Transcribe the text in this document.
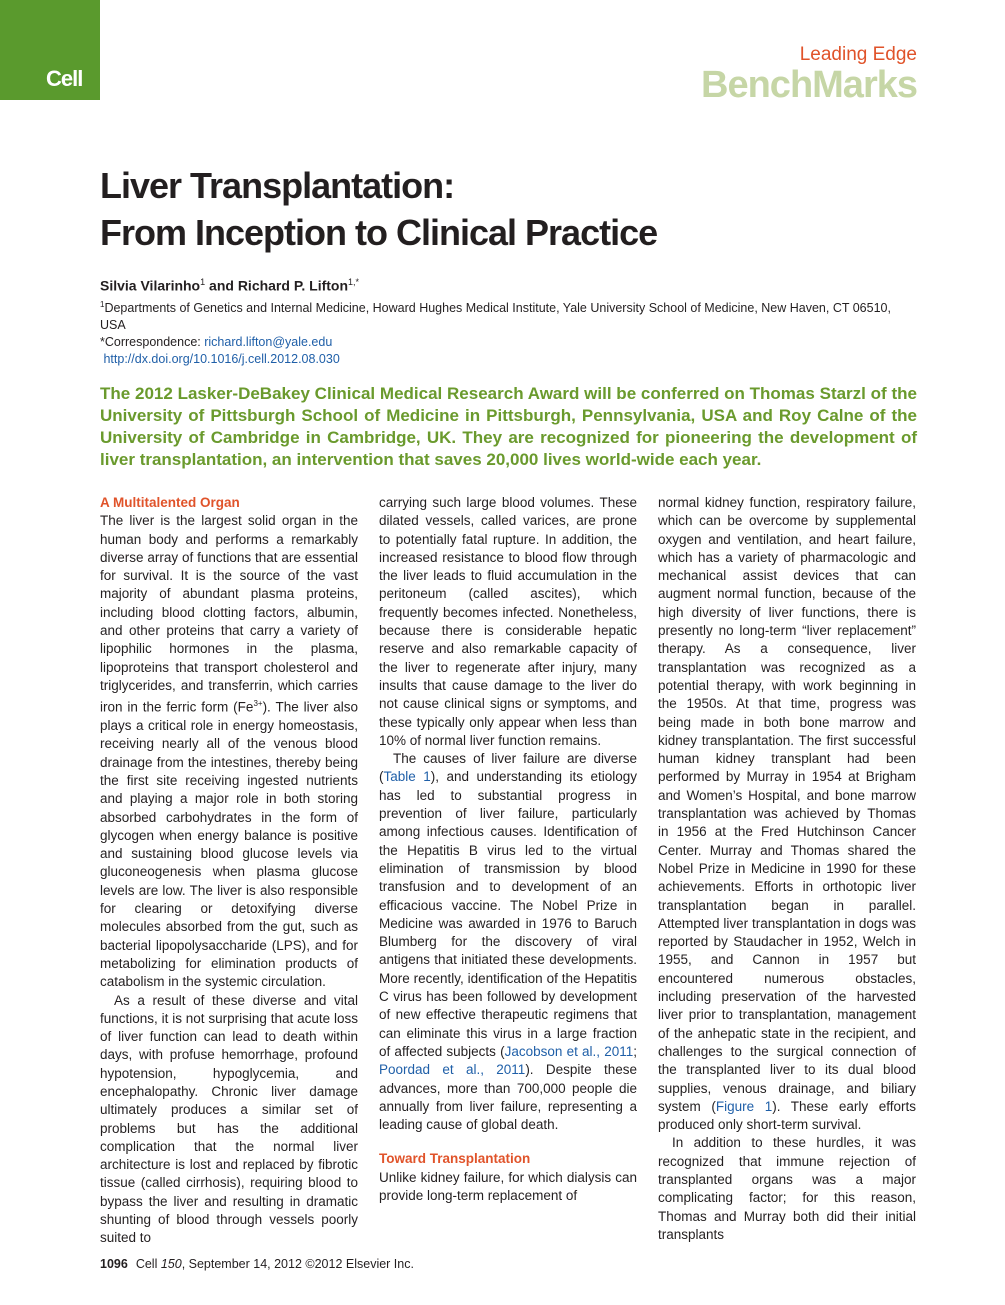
Cell
Leading Edge
BenchMarks
Liver Transplantation:
From Inception to Clinical Practice
Silvia Vilarinho$^1$ and Richard P. Lifton$^{1,*}$
$^1$Departments of Genetics and Internal Medicine, Howard Hughes Medical Institute, Yale University School of Medicine, New Haven, CT 06510, USA
*Correspondence: richard.lifton@yale.edu
http://dx.doi.org/10.1016/j.cell.2012.08.030
The 2012 Lasker-DeBakey Clinical Medical Research Award will be conferred on Thomas Starzl of the University of Pittsburgh School of Medicine in Pittsburgh, Pennsylvania, USA and Roy Calne of the University of Cambridge in Cambridge, UK. They are recognized for pioneering the development of liver transplantation, an intervention that saves 20,000 lives world-wide each year.
A Multitalented Organ

The liver is the largest solid organ in the human body and performs a remarkably diverse array of functions that are essential for survival. It is the source of the vast majority of abundant plasma proteins, including blood clotting factors, albumin, and other proteins that carry a variety of lipophilic hormones in the plasma, lipoproteins that transport cholesterol and triglycerides, and transferrin, which carries iron in the ferric form $(Fe^{3+})$. The liver also plays a critical role in energy homeostasis, receiving nearly all of the venous blood drainage from the intestines, thereby being the first site receiving ingested nutrients and playing a major role in both storing absorbed carbohydrates in the form of glycogen when energy balance is positive and sustaining blood glucose levels via gluconeogenesis when plasma glucose levels are low. The liver is also responsible for clearing or detoxifying diverse molecules absorbed from the gut, such as bacterial lipopolysaccharide (LPS), and for metabolizing for elimination products of catabolism in the systemic circulation.

As a result of these diverse and vital functions, it is not surprising that acute loss of liver function can lead to death within days, with profuse hemorrhage, profound hypotension, hypoglycemia, and encephalopathy. Chronic liver damage ultimately produces a similar set of problems but has the additional complication that the normal liver architecture is lost and replaced by fibrotic tissue (called cirrhosis), requiring blood to bypass the liver and resulting in dramatic shunting of blood through vessels poorly suited to

carrying such large blood volumes. These dilated vessels, called varices, are prone to potentially fatal rupture. In addition, the increased resistance to blood flow through the liver leads to fluid accumulation in the peritoneum (called ascites), which frequently becomes infected. Nonetheless, because there is considerable hepatic reserve and also remarkable capacity of the liver to regenerate after injury, many insults that cause damage to the liver do not cause clinical signs or symptoms, and these typically only appear when less than 10% of normal liver function remains.

The causes of liver failure are diverse (Table 1), and understanding its etiology has led to substantial progress in prevention of liver failure, particularly among infectious causes. Identification of the Hepatitis B virus led to the virtual elimination of transmission by blood transfusion and to development of an efficacious vaccine. The Nobel Prize in Medicine was awarded in 1976 to Baruch Blumberg for the discovery of viral antigens that initiated these developments. More recently, identification of the Hepatitis C virus has been followed by development of new effective therapeutic regimens that can eliminate this virus in a large fraction of affected subjects (Jacobson et al., 2011; Poordad et al., 2011). Despite these advances, more than 700,000 people die annually from liver failure, representing a leading cause of global death.

Toward Transplantation

Unlike kidney failure, for which dialysis can provide long-term replacement of

normal kidney function, respiratory failure, which can be overcome by supplemental oxygen and ventilation, and heart failure, which has a variety of pharmacologic and mechanical assist devices that can augment normal function, because of the high diversity of liver functions, there is presently no long-term “liver replacement” therapy. As a consequence, liver transplantation was recognized as a potential therapy, with work beginning in the 1950s. At that time, progress was being made in both bone marrow and kidney transplantation. The first successful human kidney transplant had been performed by Murray in 1954 at Brigham and Women’s Hospital, and bone marrow transplantation was achieved by Thomas in 1956 at the Fred Hutchinson Cancer Center. Murray and Thomas shared the Nobel Prize in Medicine in 1990 for these achievements. Efforts in orthotopic liver transplantation began in parallel. Attempted liver transplantation in dogs was reported by Staudacher in 1952, Welch in 1955, and Cannon in 1957 but encountered numerous obstacles, including preservation of the harvested liver prior to transplantation, management of the anhepatic state in the recipient, and challenges to the surgical connection of the transplanted liver to its dual blood supplies, venous drainage, and biliary system (Figure 1). These early efforts produced only short-term survival.

In addition to these hurdles, it was recognized that immune rejection of transplanted organs was a major complicating factor; for this reason, Thomas and Murray both did their initial transplants

1096 Cell 150, September 14, 2012 ©2012 Elsevier Inc.
